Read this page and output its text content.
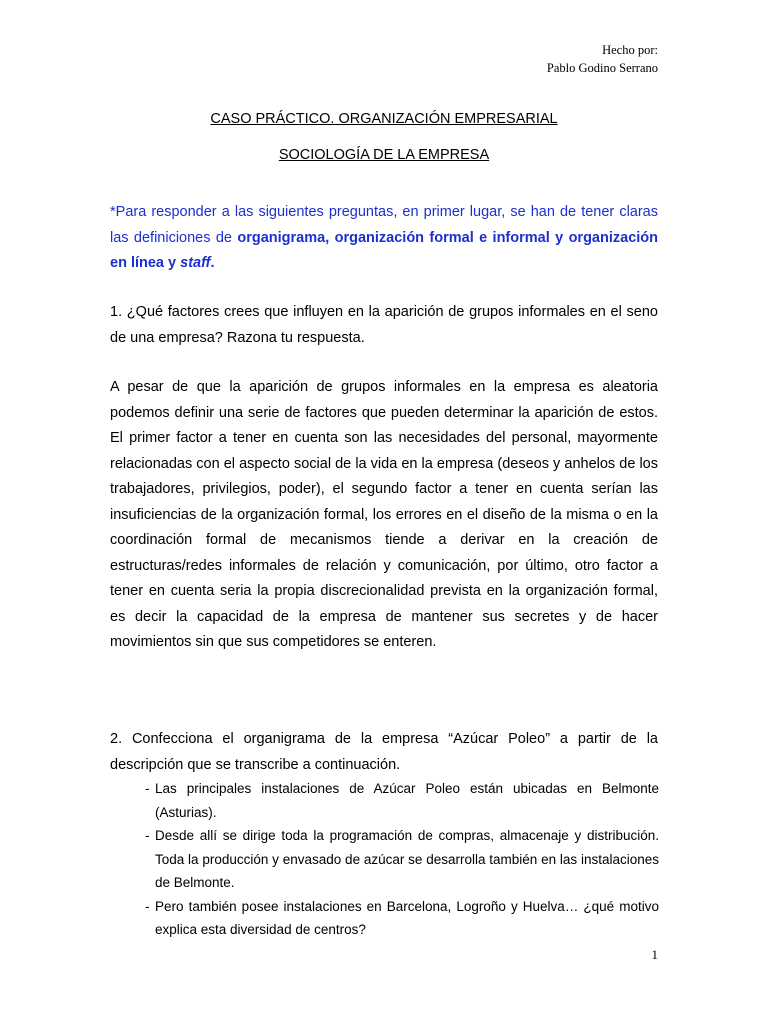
Hecho por:
Pablo Godino Serrano
CASO PRÁCTICO. ORGANIZACIÓN EMPRESARIAL
SOCIOLOGÍA DE LA EMPRESA
*Para responder a las siguientes preguntas, en primer lugar, se han de tener claras las definiciones de organigrama, organización formal e informal y organización en línea y staff.
1. ¿Qué factores crees que influyen en la aparición de grupos informales en el seno de una empresa? Razona tu respuesta.
A pesar de que la aparición de grupos informales en la empresa es aleatoria podemos definir una serie de factores que pueden determinar la aparición de estos. El primer factor a tener en cuenta son las necesidades del personal, mayormente relacionadas con el aspecto social de la vida en la empresa (deseos y anhelos de los trabajadores, privilegios, poder), el segundo factor a tener en cuenta serían las insuficiencias de la organización formal, los errores en el diseño de la misma o en la coordinación formal de mecanismos tiende a derivar en la creación de estructuras/redes informales de relación y comunicación, por último, otro factor a tener en cuenta seria la propia discrecionalidad prevista en la organización formal, es decir la capacidad de la empresa de mantener sus secretes y de hacer movimientos sin que sus competidores se enteren.
2. Confecciona el organigrama de la empresa “Azúcar Poleo” a partir de la descripción que se transcribe a continuación.
- Las principales instalaciones de Azúcar Poleo están ubicadas en Belmonte (Asturias).
- Desde allí se dirige toda la programación de compras, almacenaje y distribución. Toda la producción y envasado de azúcar se desarrolla también en las instalaciones de Belmonte.
- Pero también posee instalaciones en Barcelona, Logroño y Huelva… ¿qué motivo explica esta diversidad de centros?
1
